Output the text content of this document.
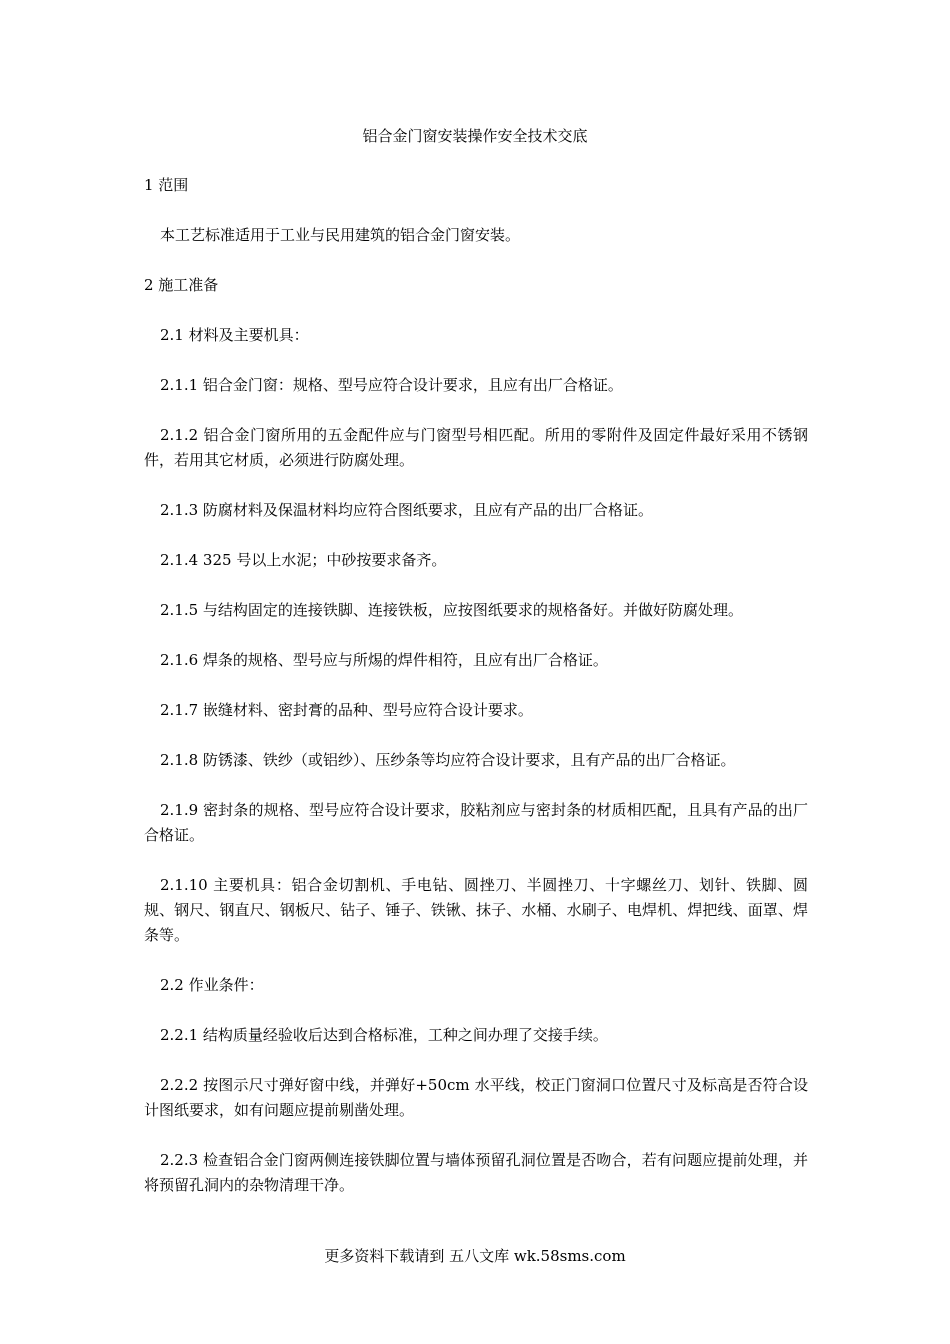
铝合金门窗安装操作安全技术交底

1 范围

本工艺标准适用于工业与民用建筑的铝合金门窗安装。

2 施工准备

2.1 材料及主要机具：

2.1.1 铝合金门窗：规格、型号应符合设计要求，且应有出厂合格证。

2.1.2 铝合金门窗所用的五金配件应与门窗型号相匹配。所用的零附件及固定件最好采用不锈钢件，若用其它材质，必须进行防腐处理。

2.1.3 防腐材料及保温材料均应符合图纸要求，且应有产品的出厂合格证。

2.1.4 325 号以上水泥；中砂按要求备齐。

2.1.5 与结构固定的连接铁脚、连接铁板，应按图纸要求的规格备好。并做好防腐处理。

2.1.6 焊条的规格、型号应与所焬的焊件相符，且应有出厂合格证。

2.1.7 嵌缝材料、密封膏的品种、型号应符合设计要求。

2.1.8 防锈漆、铁纱（或铝纱）、压纱条等均应符合设计要求，且有产品的出厂合格证。

2.1.9 密封条的规格、型号应符合设计要求，胶粘剂应与密封条的材质相匹配，且具有产品的出厂合格证。

2.1.10 主要机具：铝合金切割机、手电钻、圆挫刀、半圆挫刀、十字螺丝刀、划针、铁脚、圆规、钢尺、钢直尺、钢板尺、钻子、锤子、铁锹、抹子、水桶、水刷子、电焊机、焊把线、面罩、焊条等。

2.2 作业条件：

2.2.1 结构质量经验收后达到合格标准，工种之间办理了交接手续。

2.2.2 按图示尺寸弹好窗中线，并弹好+50cm 水平线，校正门窗洞口位置尺寸及标高是否符合设计图纸要求，如有问题应提前剔凿处理。

2.2.3 检查铝合金门窗两侧连接铁脚位置与墙体预留孔洞位置是否吻合，若有问题应提前处理，并将预留孔洞内的杂物清理干净。

更多资料下载请到 五八文库 wk.58sms.com
